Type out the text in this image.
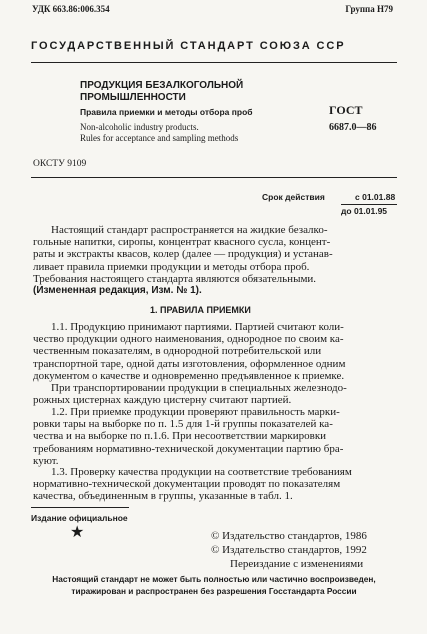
УДК 663.86:006.354	Группа Н79
ГОСУДАРСТВЕННЫЙ СТАНДАРТ СОЮЗА ССР
ПРОДУКЦИЯ БЕЗАЛКОГОЛЬНОЙ
ПРОМЫШЛЕННОСТИ
Правила приемки и методы отбора проб
Non-alcoholic industry products.
Rules for acceptance and sampling methods
ГОСТ
6687.0—86
ОКСТУ 9109
Срок действия	с 01.01.88
до 01.01.95
Настоящий стандарт распространяется на жидкие безалко-
гольные напитки, сиропы, концентрат квасного сусла, концент-
раты и экстракты квасов, колер (далее — продукция) и устанав-
ливает правила приемки продукции и методы отбора проб.
Требования настоящего стандарта являются обязательными.
(Измененная редакция, Изм. № 1).
1. ПРАВИЛА ПРИЕМКИ
1.1. Продукцию принимают партиями. Партией считают коли-
чество продукции одного наименования, однородное по своим ка-
чественным показателям, в однородной потребительской или
транспортной таре, одной даты изготовления, оформленное одним
документом о качестве и одновременно предъявленное к приемке.
При транспортировании продукции в специальных железнодо-
рожных цистернах каждую цистерну считают партией.
1.2. При приемке продукции проверяют правильность марки-
ровки тары на выборке по п. 1.5 для 1-й группы показателей ка-
чества и на выборке по п.1.6. При несоответствии маркировки
требованиям нормативно-технической документации партию бра-
куют.
1.3. Проверку качества продукции на соответствие требованиям
нормативно-технической документации проводят по показателям
качества, объединенным в группы, указанные в табл. 1.
Издание официальное
★	© Издательство стандартов, 1986
© Издательство стандартов, 1992
Переиздание с изменениями
Настоящий стандарт не может быть полностью или частично воспроизведен,
тиражирован и распространен без разрешения Госстандарта России
